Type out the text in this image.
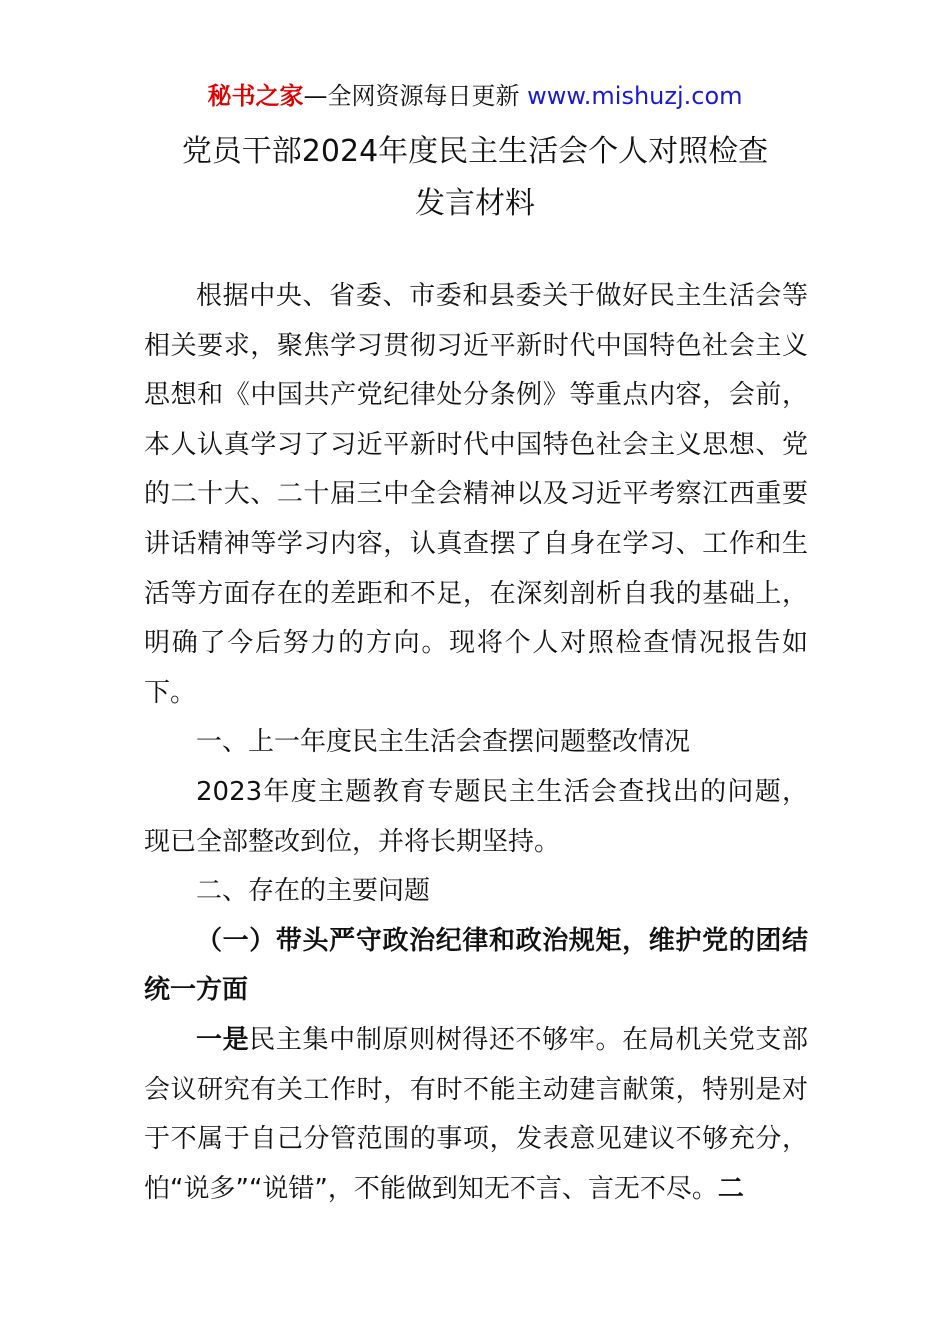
秘书之家—全网资源每日更新 www.mishuzj.com
党员干部2024年度民主生活会个人对照检查
发言材料

根据中央、省委、市委和县委关于做好民主生活会等相关要求，聚焦学习贯彻习近平新时代中国特色社会主义思想和《中国共产党纪律处分条例》等重点内容，会前，本人认真学习了习近平新时代中国特色社会主义思想、党的二十大、二十届三中全会精神以及习近平考察江西重要讲话精神等学习内容，认真查摆了自身在学习、工作和生活等方面存在的差距和不足，在深刻剖析自我的基础上，明确了今后努力的方向。现将个人对照检查情况报告如下。

一、上一年度民主生活会查摆问题整改情况

2023年度主题教育专题民主生活会查找出的问题，现已全部整改到位，并将长期坚持。

二、存在的主要问题

（一）带头严守政治纪律和政治规矩，维护党的团结统一方面

一是民主集中制原则树得还不够牢。在局机关党支部会议研究有关工作时，有时不能主动建言献策，特别是对于不属于自己分管范围的事项，发表意见建议不够充分，怕“说多”“说错”，不能做到知无不言、言无不尽。二
